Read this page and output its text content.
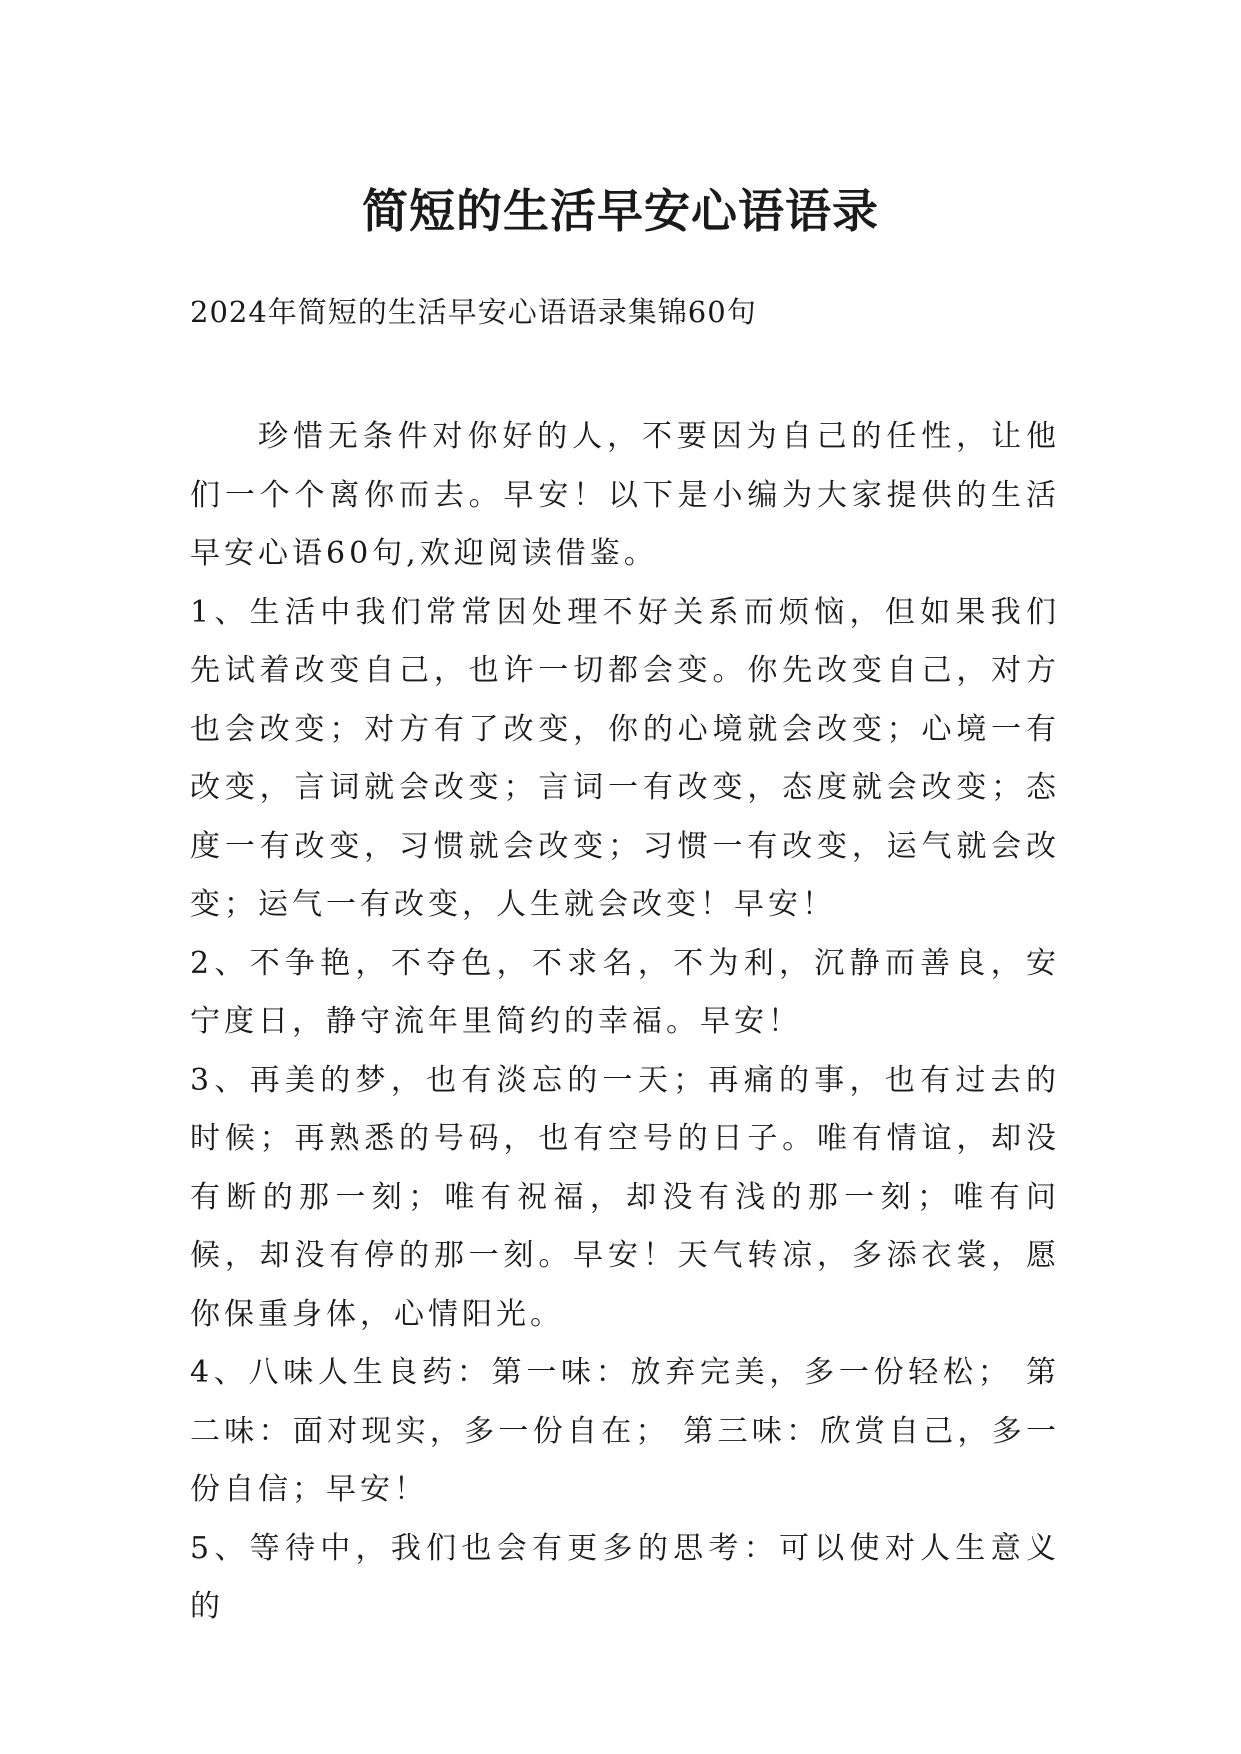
简短的生活早安心语语录
2024年简短的生活早安心语语录集锦60句

珍惜无条件对你好的人，不要因为自己的任性，让他们一个个离你而去。早安！以下是小编为大家提供的生活早安心语60句,欢迎阅读借鉴。

1、生活中我们常常因处理不好关系而烦恼，但如果我们先试着改变自己，也许一切都会变。你先改变自己，对方也会改变；对方有了改变，你的心境就会改变；心境一有改变，言词就会改变；言词一有改变，态度就会改变；态度一有改变，习惯就会改变；习惯一有改变，运气就会改变；运气一有改变，人生就会改变！早安！

2、不争艳，不夺色，不求名，不为利，沉静而善良，安宁度日，静守流年里简约的幸福。早安！

3、再美的梦，也有淡忘的一天；再痛的事，也有过去的时候；再熟悉的号码，也有空号的日子。唯有情谊，却没有断的那一刻；唯有祝福，却没有浅的那一刻；唯有问候，却没有停的那一刻。早安！天气转凉，多添衣裳，愿你保重身体，心情阳光。

4、八味人生良药：第一味：放弃完美，多一份轻松； 第二味：面对现实，多一份自在； 第三味：欣赏自己，多一份自信；早安！

5、等待中，我们也会有更多的思考：可以使对人生意义的
